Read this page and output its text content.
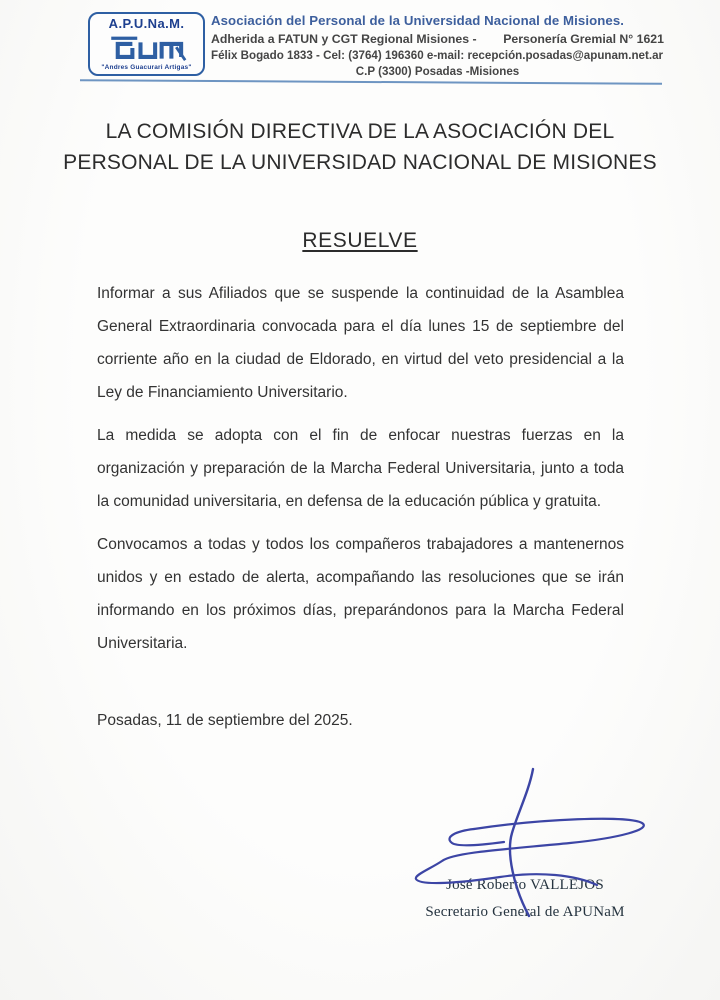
A.P.U.Na.M.
"Andres Guacurari Artigas"
Asociación del Personal de la Universidad Nacional de Misiones.
Adherida a FATUN y CGT Regional Misiones - Personería Gremial N° 1621
Félix Bogado 1833 - Cel: (3764) 196360 e-mail: recepción.posadas@apunam.net.ar
C.P (3300) Posadas -Misiones
LA COMISIÓN DIRECTIVA DE LA ASOCIACIÓN DEL
PERSONAL DE LA UNIVERSIDAD NACIONAL DE MISIONES
RESUELVE

Informar a sus Afiliados que se suspende la continuidad de la Asamblea General Extraordinaria convocada para el día lunes 15 de septiembre del corriente año en la ciudad de Eldorado, en virtud del veto presidencial a la Ley de Financiamiento Universitario.

La medida se adopta con el fin de enfocar nuestras fuerzas en la organización y preparación de la Marcha Federal Universitaria, junto a toda la comunidad universitaria, en defensa de la educación pública y gratuita.

Convocamos a todas y todos los compañeros trabajadores a mantenernos unidos y en estado de alerta, acompañando las resoluciones que se irán informando en los próximos días, preparándonos para la Marcha Federal Universitaria.

Posadas, 11 de septiembre del 2025.
José Roberto VALLEJOS
Secretario General de APUNaM
